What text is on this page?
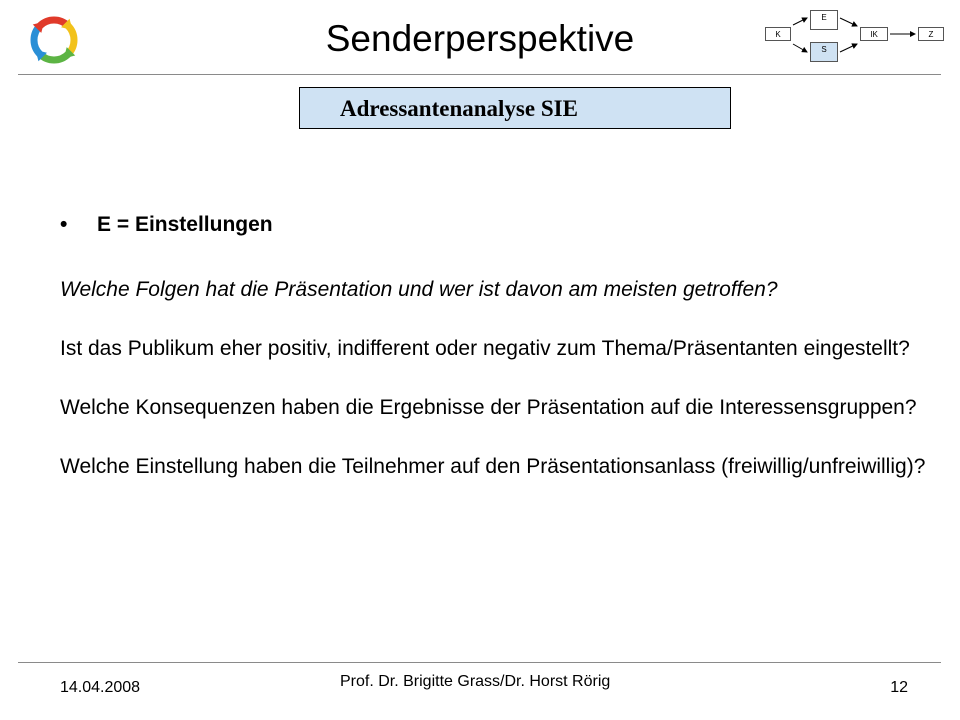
Senderperspektive	K
E
S
IK	Z
Adressantenanalyse SIE
• E = Einstellungen
Welche Folgen hat die Präsentation und wer ist davon am meisten getroffen?
Ist das Publikum eher positiv, indifferent oder negativ zum Thema/Präsentanten eingestellt?
Welche Konsequenzen haben die Ergebnisse der Präsentation auf die Interessensgruppen?
Welche Einstellung haben die Teilnehmer auf den Präsentationsanlass (freiwillig/unfreiwillig)?
14.04.2008	Prof. Dr. Brigitte Grass/Dr. Horst Rörig	12
